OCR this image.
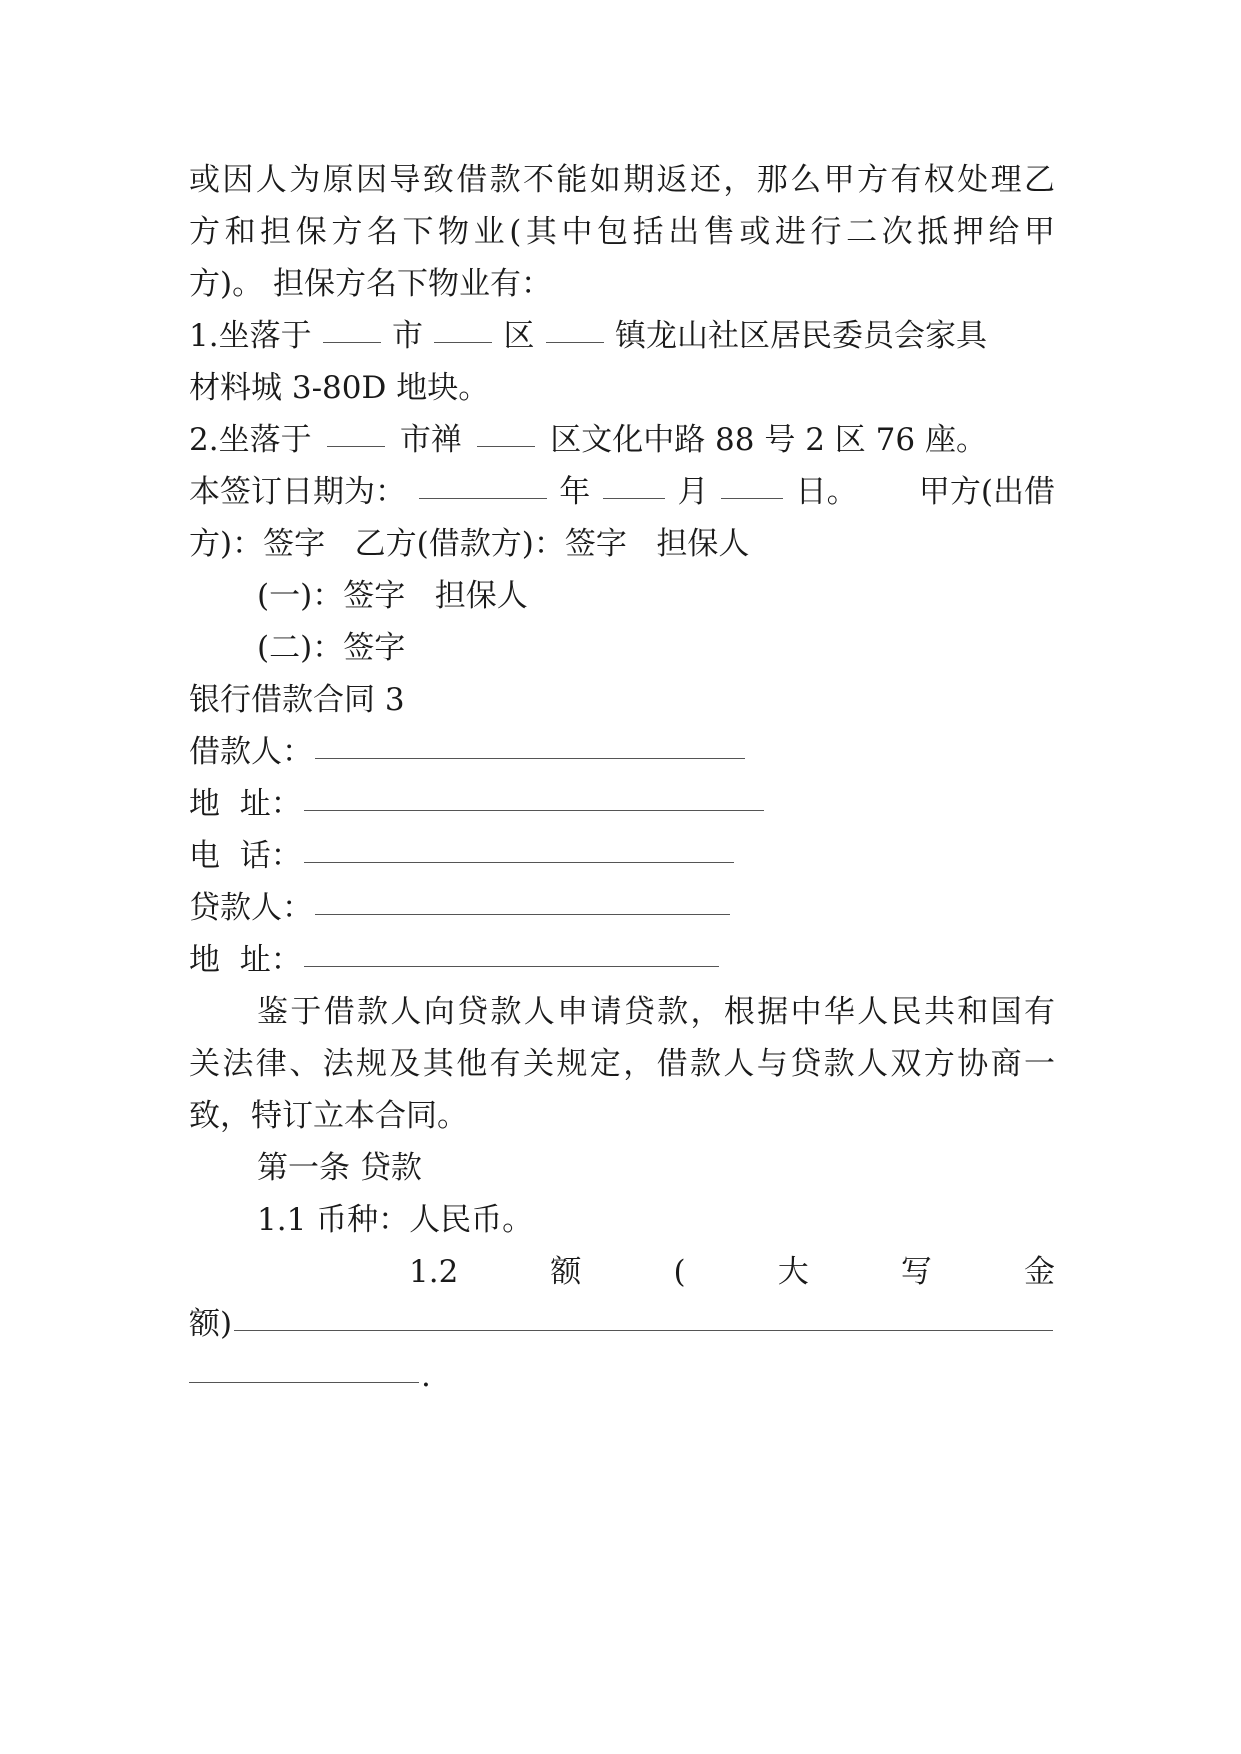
或因人为原因导致借款不能如期返还，那么甲方有权处理乙
方和担保方名下物业(其中包括出售或进行二次抵押给甲
方)。 担保方名下物业有：
1.坐落于	市	区	镇龙山社区居民委员会家具
材料城 3-80D 地块。
2.坐落于	市禅	区文化中路 88 号 2 区 76 座。
本签订日期为：	年	月	日。 甲方(出借
方)：签字   乙方(借款方)：签字   担保人
(一)：签字   担保人
(二)：签字
银行借款合同 3
借款人：
地  址：
电  话：
贷款人：
地  址：
鉴于借款人向贷款人申请贷款，根据中华人民共和国有
关法律、法规及其他有关规定，借款人与贷款人双方协商一
致，特订立本合同。
第一条 贷款
1.1 币种：人民币。
1.2	额	(	大	写	金
额)
.
